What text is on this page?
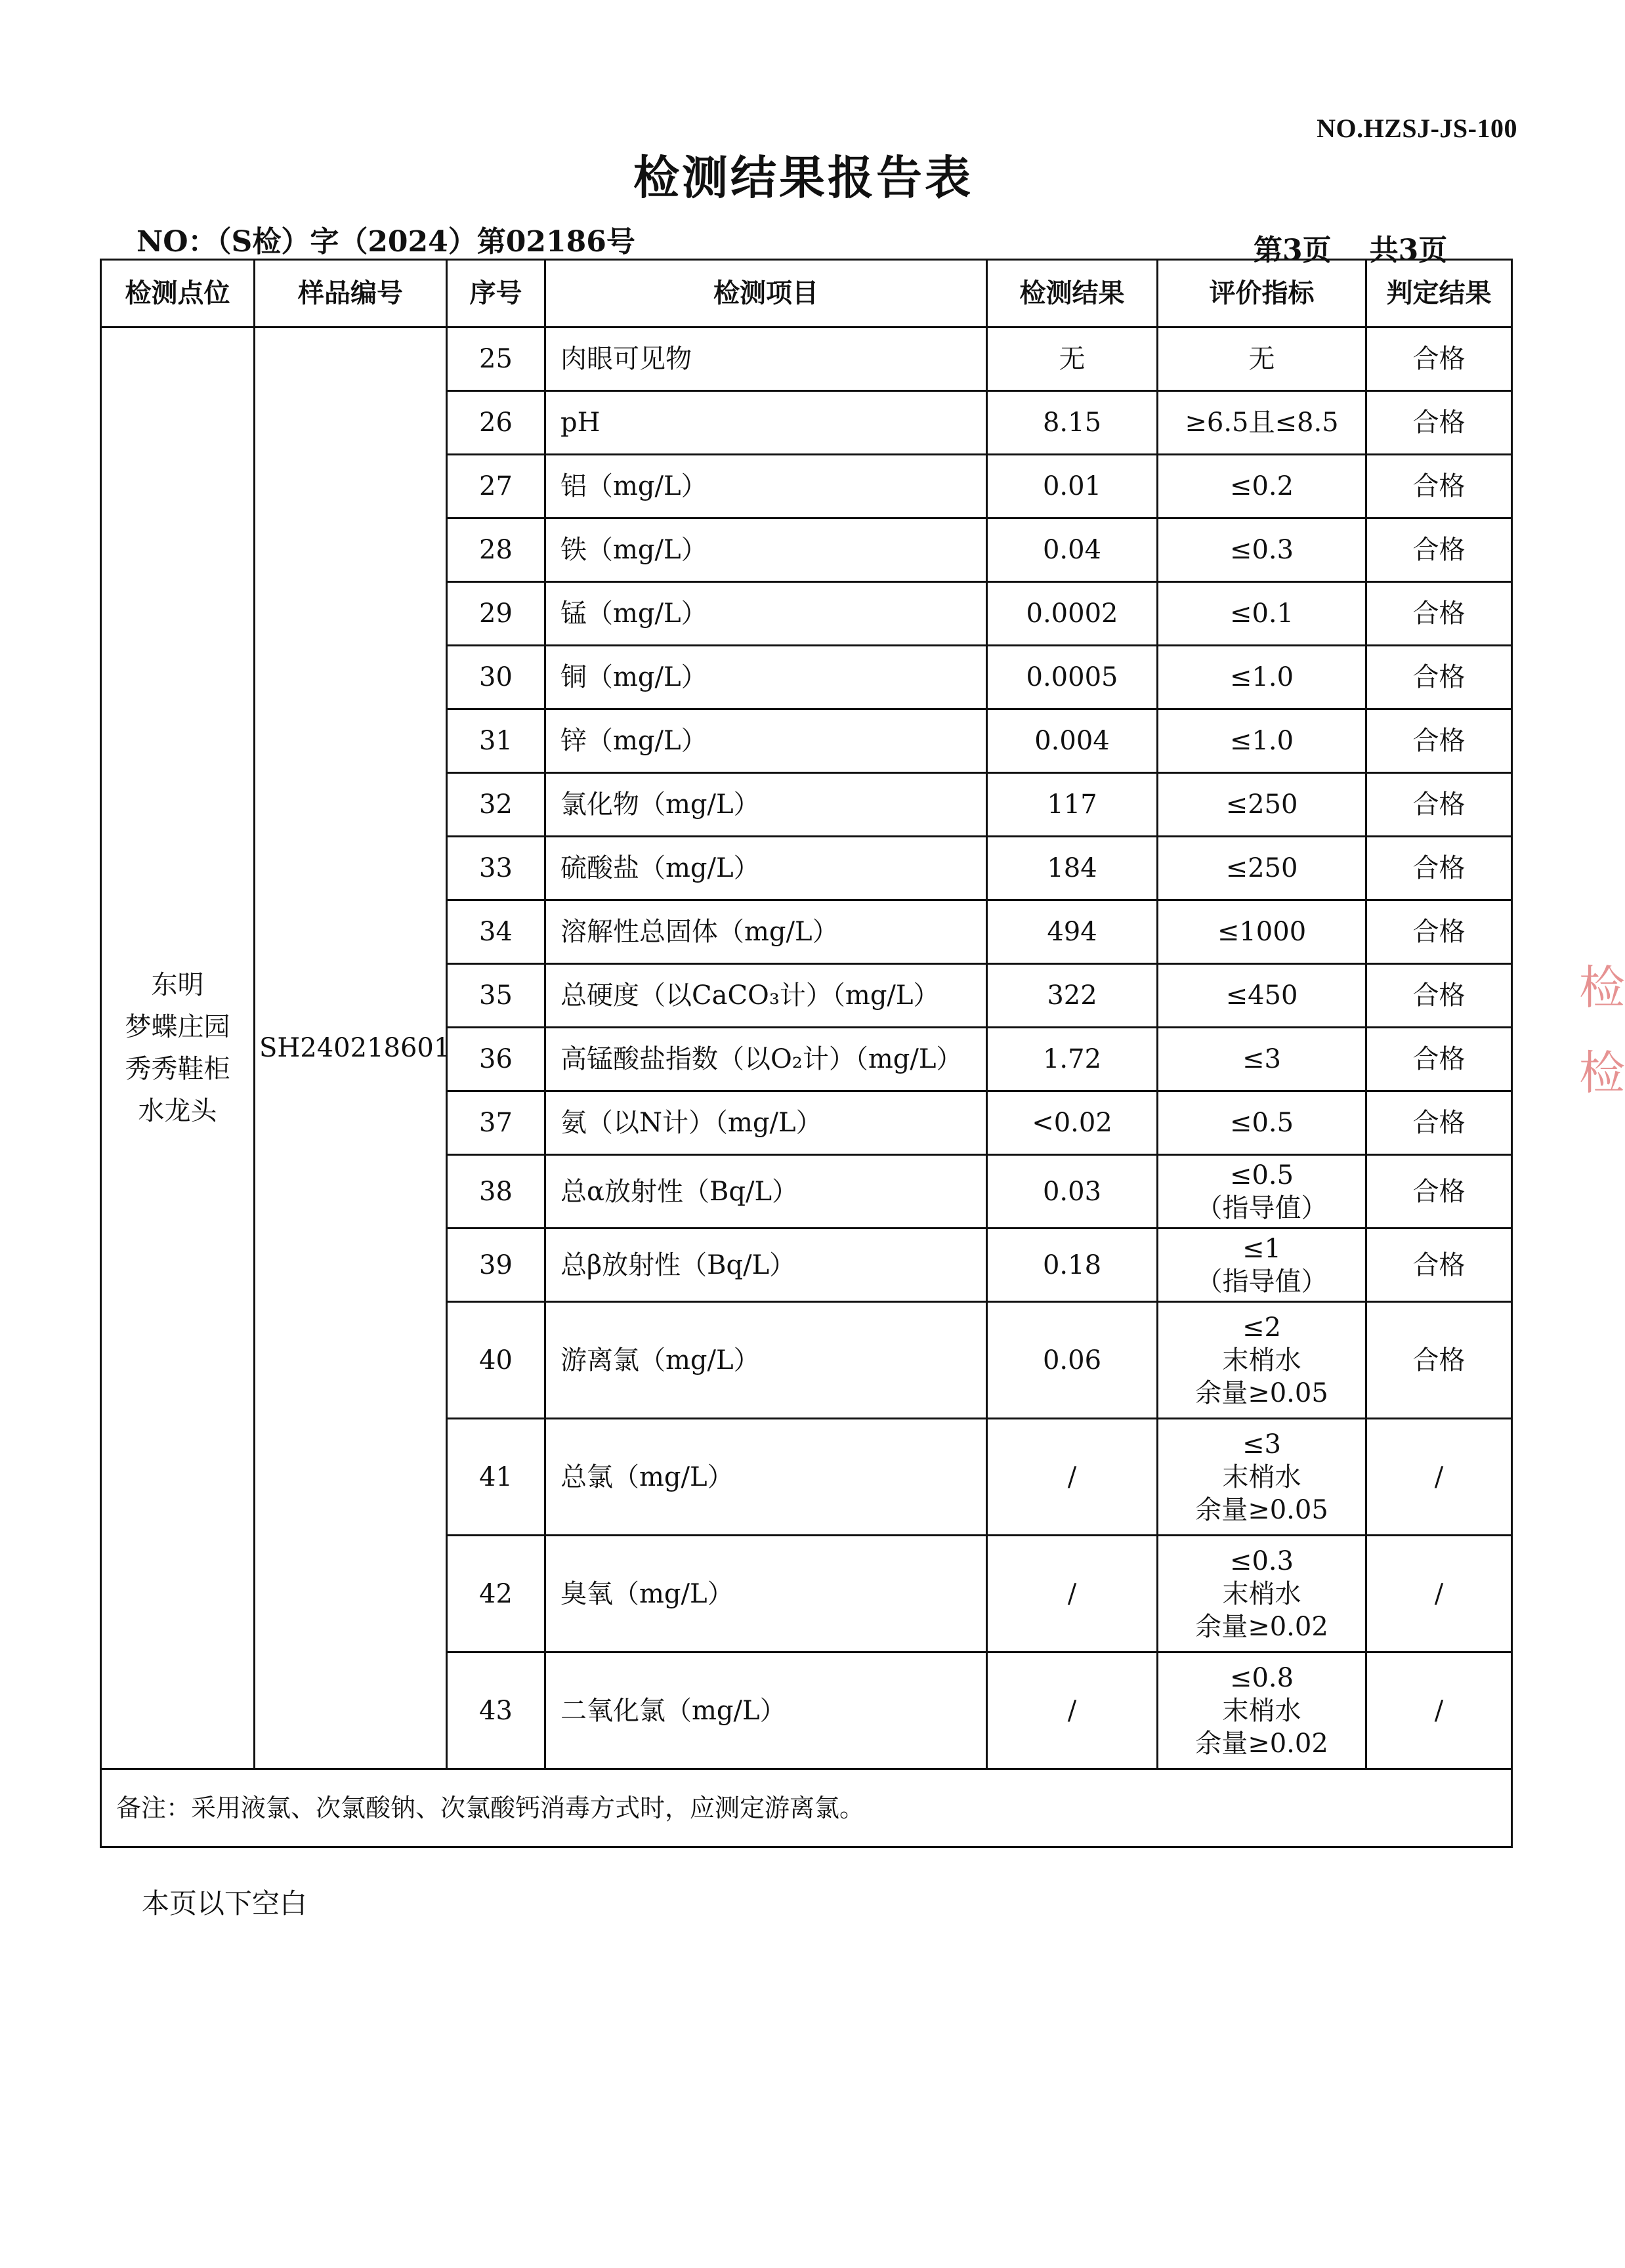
NO.HZSJ-JS-100
检测结果报告表
NO：（S检）字（2024）第02186号	第3页 共3页
检测点位	样品编号	序号	检测项目	检测结果	评价指标	判定结果

东明
梦蝶庄园
秀秀鞋柜
水龙头	SH240218601	25	肉眼可见物	无	无	合格
		26	pH	8.15	≥6.5且≤8.5	合格
		27	铝（mg/L）	0.01	≤0.2	合格
		28	铁（mg/L）	0.04	≤0.3	合格
		29	锰（mg/L）	0.0002	≤0.1	合格
		30	铜（mg/L）	0.0005	≤1.0	合格
		31	锌（mg/L）	0.004	≤1.0	合格
		32	氯化物（mg/L）	117	≤250	合格
		33	硫酸盐（mg/L）	184	≤250	合格
		34	溶解性总固体（mg/L）	494	≤1000	合格
		35	总硬度（以CaCO₃计）（mg/L）	322	≤450	合格
		36	高锰酸盐指数（以O₂计）（mg/L）	1.72	≤3	合格
		37	氨（以N计）（mg/L）	<0.02	≤0.5	合格
		38	总α放射性（Bq/L）	0.03	≤0.5
（指导值）	合格
		39	总β放射性（Bq/L）	0.18	≤1
（指导值）	合格
		40	游离氯（mg/L）	0.06	≤2
末梢水
余量≥0.05	合格
		41	总氯（mg/L）	/	≤3
末梢水
余量≥0.05	/
		42	臭氧（mg/L）	/	≤0.3
末梢水
余量≥0.02	/
		43	二氧化氯（mg/L）	/	≤0.8
末梢水
余量≥0.02	/
备注：采用液氯、次氯酸钠、次氯酸钙消毒方式时，应测定游离氯。						
本页以下空白
检
检
